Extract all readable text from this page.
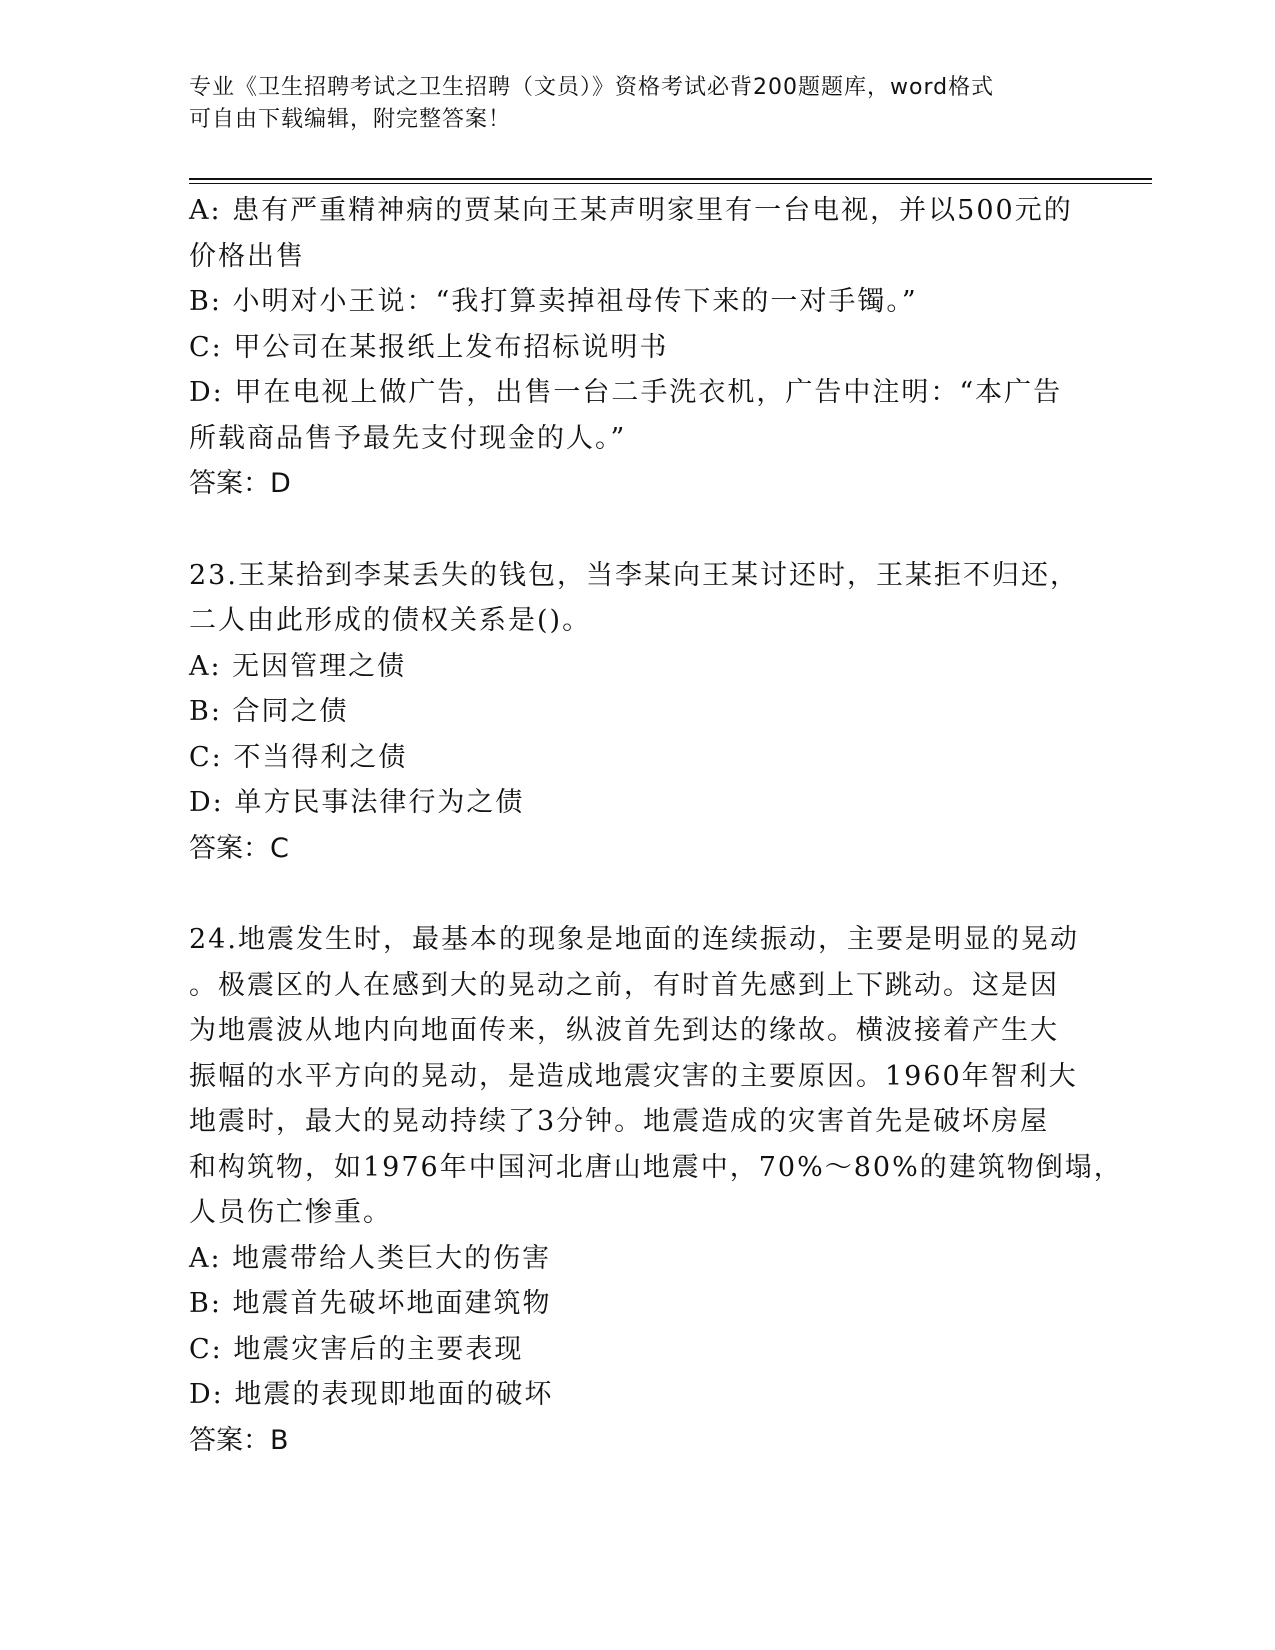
专业《卫生招聘考试之卫生招聘（文员）》资格考试必背200题题库，word格式
可自由下载编辑，附完整答案！
A: 患有严重精神病的贾某向王某声明家里有一台电视，并以500元的
价格出售
B: 小明对小王说：“我打算卖掉祖母传下来的一对手镯。”
C: 甲公司在某报纸上发布招标说明书
D: 甲在电视上做广告，出售一台二手洗衣机，广告中注明：“本广告
所载商品售予最先支付现金的人。”
答案：D
23.王某拾到李某丢失的钱包，当李某向王某讨还时，王某拒不归还，
二人由此形成的债权关系是()。
A: 无因管理之债
B: 合同之债
C: 不当得利之债
D: 单方民事法律行为之债
答案：C
24.地震发生时，最基本的现象是地面的连续振动，主要是明显的晃动
。极震区的人在感到大的晃动之前，有时首先感到上下跳动。这是因
为地震波从地内向地面传来，纵波首先到达的缘故。横波接着产生大
振幅的水平方向的晃动，是造成地震灾害的主要原因。1960年智利大
地震时，最大的晃动持续了3分钟。地震造成的灾害首先是破坏房屋
和构筑物，如1976年中国河北唐山地震中，70%～80%的建筑物倒塌，
人员伤亡惨重。
A: 地震带给人类巨大的伤害
B: 地震首先破坏地面建筑物
C: 地震灾害后的主要表现
D: 地震的表现即地面的破坏
答案：B
